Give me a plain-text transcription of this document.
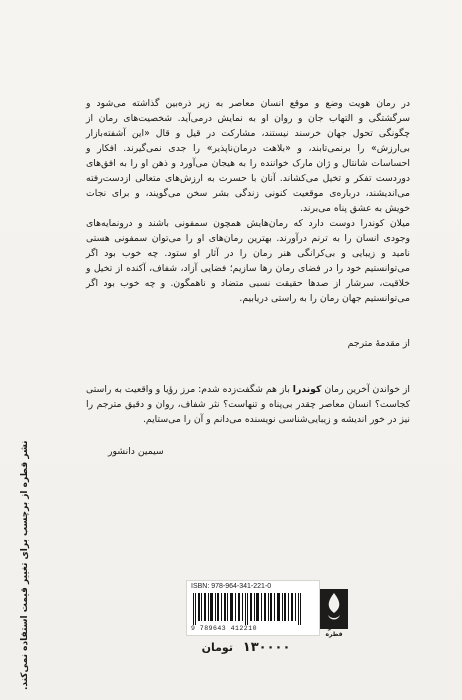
در رمان هویت وضع و موقع انسان معاصر به زیر ذره‌بین گذاشته می‌شود و سرگشتگی و التهاب جان و روان او به نمایش درمی‌آید. شخصیت‌های رمان از چگونگی تحول جهان خرسند نیستند، مشارکت در قیل و قال «این آشفته‌بازار بی‌ارزش» را برنمی‌تابند، و «بلاهت درمان‌ناپذیر» را جدی نمی‌گیرند. افکار و احساسات شانتال و ژان مارک خواننده را به هیجان می‌آورد و ذهن او را به افق‌های دوردست تفکر و تخیل می‌کشاند. آنان با حسرت به ارزش‌های متعالی ازدست‌رفته می‌اندیشند، درباره‌ی موقعیت کنونی زندگی بشر سخن می‌گویند، و برای نجات خویش به عشق پناه می‌برند.

میلان کوندرا دوست دارد که رمان‌هایش همچون سمفونی باشند و درونمایه‌های وجودی انسان را به ترنم درآورند. بهترین رمان‌های او را می‌توان سمفونی هستی نامید و زیبایی و بی‌کرانگی هنر رمان را در آثار او ستود. چه خوب بود اگر می‌توانستیم خود را در فضای رمان رها سازیم؛ فضایی آزاد، شفاف، آکنده از تخیل و خلاقیت، سرشار از صدها حقیقت نسبی متضاد و ناهمگون. و چه خوب بود اگر می‌توانستیم جهان رمان را به راستی دریابیم.

از مقدمهٔ مترجم

از خواندن آخرین رمان کوندرا باز هم شگفت‌زده شدم: مرز رؤیا و واقعیت به راستی کجاست؟ انسان معاصر چقدر بی‌پناه و تنهاست؟ نثر شفاف، روان و دقیق مترجم را نیز در خور اندیشه و زیبایی‌شناسی نویسنده می‌دانم و آن را می‌ستایم.

سیمین دانشور
نشر قطره از برچسب برای تغییر قیمت استفاده نمی‌کند.	ISBN: 978-964-341-221-0
9 789643 412210	نشر قطره
۱۳۰۰۰۰ تومان
